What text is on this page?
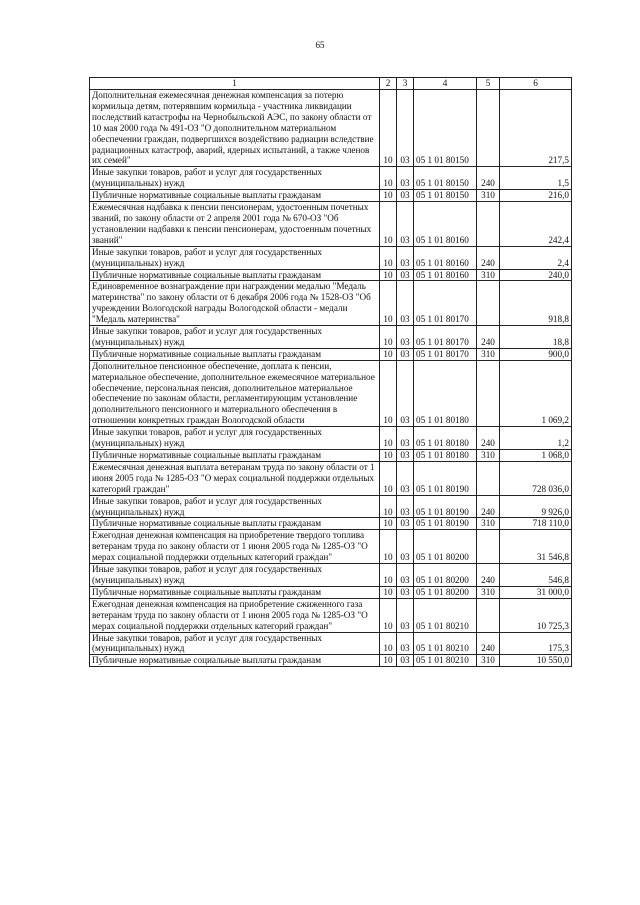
65
1	2	3	4	5	6
Дополнительная ежемесячная денежная компенсация за потерю кормильца детям, потерявшим кормильца - участника ликвидации последствий катастрофы на Чернобыльской АЭС, по закону области от 10 мая 2000 года № 491-ОЗ "О дополнительном материальном обеспечении граждан, подвергшихся воздействию радиации вследствие радиационных катастроф, аварий, ядерных испытаний, а также членов их семей"	10	03	05 1 01 80150		217,5
Иные закупки товаров, работ и услуг для государственных (муниципальных) нужд	10	03	05 1 01 80150	240	1,5
Публичные нормативные социальные выплаты гражданам	10	03	05 1 01 80150	310	216,0
Ежемесячная надбавка к пенсии пенсионерам, удостоенным почетных званий, по закону области от 2 апреля 2001 года № 670-ОЗ "Об установлении надбавки к пенсии пенсионерам, удостоенным почетных званий"	10	03	05 1 01 80160		242,4
Иные закупки товаров, работ и услуг для государственных (муниципальных) нужд	10	03	05 1 01 80160	240	2,4
Публичные нормативные социальные выплаты гражданам	10	03	05 1 01 80160	310	240,0
Единовременное вознаграждение при награждении медалью "Медаль материнства" по закону области от 6 декабря 2006 года № 1528-ОЗ "Об учреждении Вологодской награды Вологодской области - медали "Медаль материнства"	10	03	05 1 01 80170		918,8
Иные закупки товаров, работ и услуг для государственных (муниципальных) нужд	10	03	05 1 01 80170	240	18,8
Публичные нормативные социальные выплаты гражданам	10	03	05 1 01 80170	310	900,0
Дополнительное пенсионное обеспечение, доплата к пенсии, материальное обеспечение, дополнительное ежемесячное материальное обеспечение, персональная пенсия, дополнительное материальное обеспечение по законам области, регламентирующим установление дополнительного пенсионного и материального обеспечения в отношении конкретных граждан Вологодской области	10	03	05 1 01 80180		1 069,2
Иные закупки товаров, работ и услуг для государственных (муниципальных) нужд	10	03	05 1 01 80180	240	1,2
Публичные нормативные социальные выплаты гражданам	10	03	05 1 01 80180	310	1 068,0
Ежемесячная денежная выплата ветеранам труда по закону области от 1 июня 2005 года № 1285-ОЗ "О мерах социальной поддержки отдельных категорий граждан"	10	03	05 1 01 80190		728 036,0
Иные закупки товаров, работ и услуг для государственных (муниципальных) нужд	10	03	05 1 01 80190	240	9 926,0
Публичные нормативные социальные выплаты гражданам	10	03	05 1 01 80190	310	718 110,0
Ежегодная денежная компенсация на приобретение твердого топлива ветеранам труда по закону области от 1 июня 2005 года № 1285-ОЗ "О мерах социальной поддержки отдельных категорий граждан"	10	03	05 1 01 80200		31 546,8
Иные закупки товаров, работ и услуг для государственных (муниципальных) нужд	10	03	05 1 01 80200	240	546,8
Публичные нормативные социальные выплаты гражданам	10	03	05 1 01 80200	310	31 000,0
Ежегодная денежная компенсация на приобретение сжиженного газа ветеранам труда по закону области от 1 июня 2005 года № 1285-ОЗ "О мерах социальной поддержки отдельных категорий граждан"	10	03	05 1 01 80210		10 725,3
Иные закупки товаров, работ и услуг для государственных (муниципальных) нужд	10	03	05 1 01 80210	240	175,3
Публичные нормативные социальные выплаты гражданам	10	03	05 1 01 80210	310	10 550,0
